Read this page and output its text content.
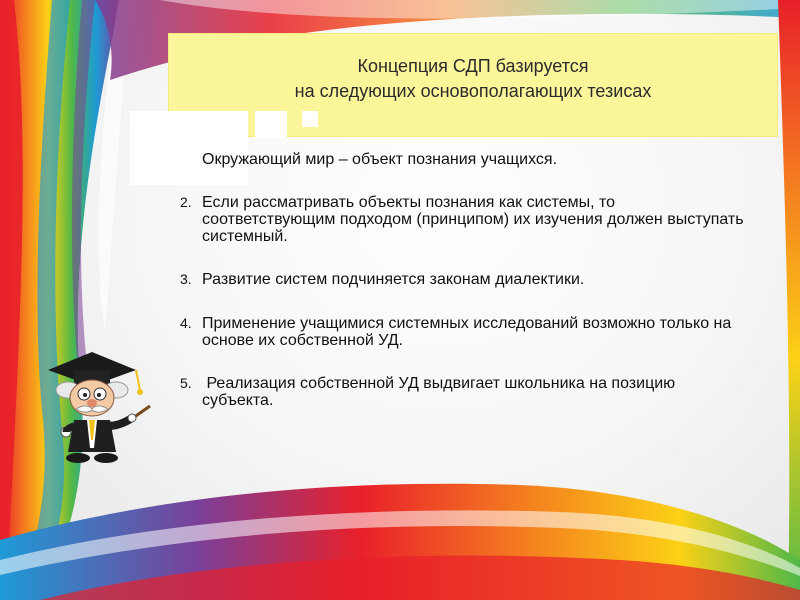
Концепция СДП базируется
на следующих основополагающих тезисах
Окружающий мир – объект познания учащихся.
2. Если рассматривать объекты познания как системы, то соответствующим подходом (принципом) их изучения должен выступать системный.
3. Развитие систем подчиняется законам диалектики.
4. Применение учащимися системных исследований возможно только на основе их собственной УД.
5. Реализация собственной УД выдвигает школьника на позицию субъекта.
